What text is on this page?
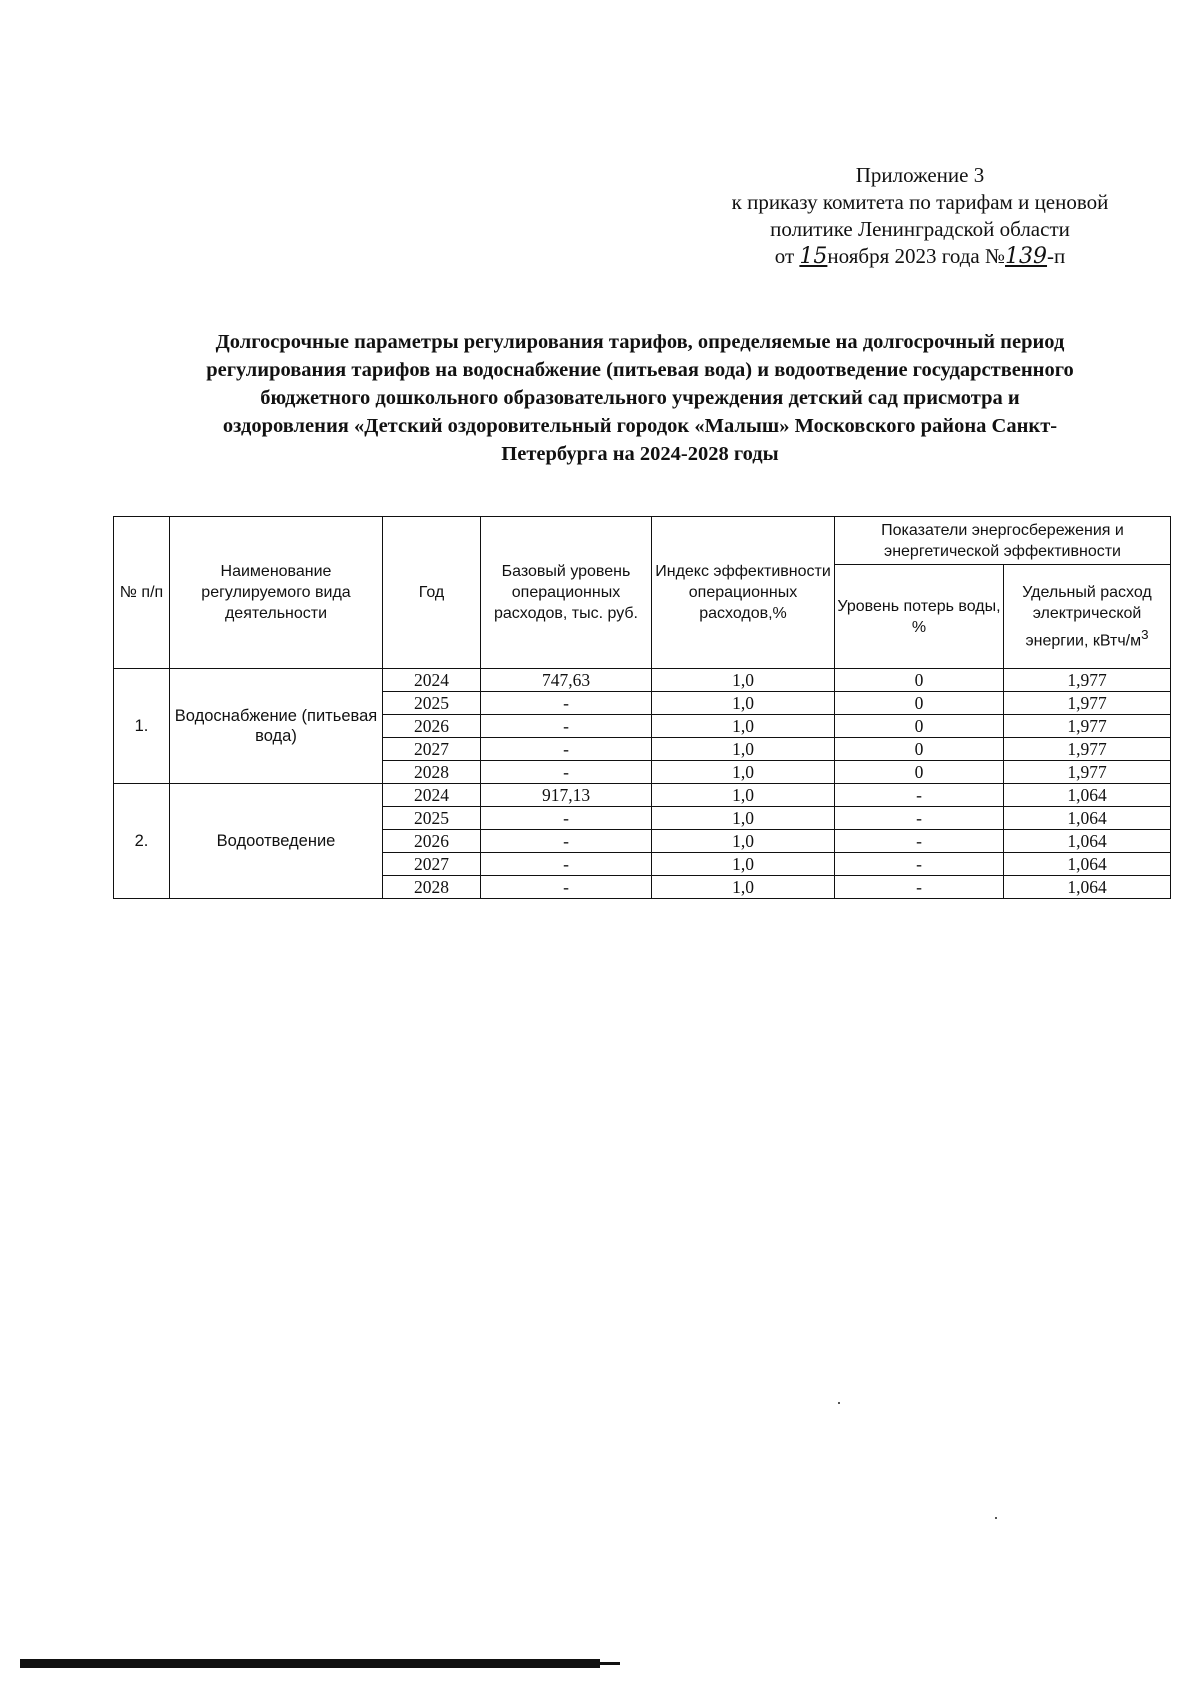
Приложение 3
к приказу комитета по тарифам и ценовой
политике Ленинградской области
от 15ноября 2023 года №139-п
Долгосрочные параметры регулирования тарифов, определяемые на долгосрочный период
регулирования тарифов на водоснабжение (питьевая вода) и водоотведение государственного
бюджетного дошкольного образовательного учреждения детский сад присмотра и
оздоровления «Детский оздоровительный городок «Малыш» Московского района Санкт-
Петербурга на 2024-2028 годы
№ п/п	Наименование регулируемого вида деятельности	Год	Базовый уровень операционных расходов, тыс. руб.	Индекс эффективности операционных расходов,%	Показатели энергосбережения и энергетической эффективности	
					Уровень потерь воды, %	Удельный расход электрической энергии, кВтч/$м^3$
1.	Водоснабжение (питьевая вода)	2024	747,63	1,0	0	1,977
		2025	-	1,0	0	1,977
		2026	-	1,0	0	1,977
		2027	-	1,0	0	1,977
		2028	-	1,0	0	1,977
2.	Водоотведение	2024	917,13	1,0	-	1,064
		2025	-	1,0	-	1,064
		2026	-	1,0	-	1,064
		2027	-	1,0	-	1,064
		2028	-	1,0	-	1,064
